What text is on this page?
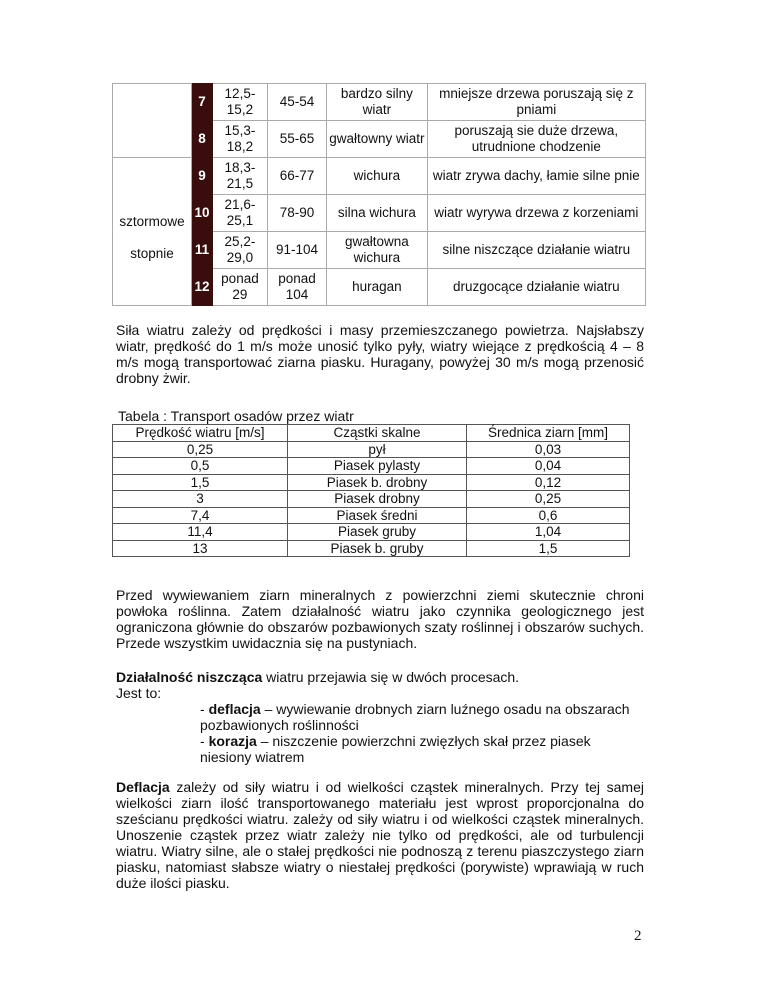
	7	12,5-15,2	45-54	bardzo silny wiatr	mniejsze drzewa poruszają się z pniami
	8	15,3-18,2	55-65	gwałtowny wiatr	poruszają sie duże drzewa, utrudnione chodzenie

sztormowe
stopnie	9	18,3-21,5	66-77	wichura	wiatr zrywa dachy, łamie silne pnie
	10	21,6-25,1	78-90	silna wichura	wiatr wyrywa drzewa z korzeniami
	11	25,2-29,0	91-104	gwałtowna wichura	silne niszczące działanie wiatru
	12	ponad 29	ponad 104	huragan	druzgocące działanie wiatru
Siła wiatru zależy od prędkości i masy przemieszczanego powietrza. Najsłabszy wiatr, prędkość do 1 m/s może unosić tylko pyły, wiatry wiejące z prędkością 4 – 8 m/s mogą transportować ziarna piasku. Huragany, powyżej 30 m/s mogą przenosić drobny żwir.
Tabela : Transport osadów przez wiatr
Prędkość wiatru [m/s]	Cząstki skalne	Średnica ziarn [mm]
0,25	pył	0,03
0,5	Piasek pylasty	0,04
1,5	Piasek b. drobny	0,12
3	Piasek drobny	0,25
7,4	Piasek średni	0,6
11,4	Piasek gruby	1,04
13	Piasek b. gruby	1,5
Przed wywiewaniem ziarn mineralnych z powierzchni ziemi skutecznie chroni powłoka roślinna. Zatem działalność wiatru jako czynnika geologicznego jest ograniczona głównie do obszarów pozbawionych szaty roślinnej i obszarów suchych. Przede wszystkim uwidacznia się na pustyniach.
Działalność niszcząca wiatru przejawia się w dwóch procesach.
Jest to:
- deflacja – wywiewanie drobnych ziarn luźnego osadu na obszarach pozbawionych roślinności
- korazja – niszczenie powierzchni zwięzłych skał przez piasek niesiony wiatrem
Deflacja zależy od siły wiatru i od wielkości cząstek mineralnych. Przy tej samej wielkości ziarn ilość transportowanego materiału jest wprost proporcjonalna do sześcianu prędkości wiatru. zależy od siły wiatru i od wielkości cząstek mineralnych. Unoszenie cząstek przez wiatr zależy nie tylko od prędkości, ale od turbulencji wiatru. Wiatry silne, ale o stałej prędkości nie podnoszą z terenu piaszczystego ziarn piasku, natomiast słabsze wiatry o niestałej prędkości (porywiste) wprawiają w ruch duże ilości piasku.
2
